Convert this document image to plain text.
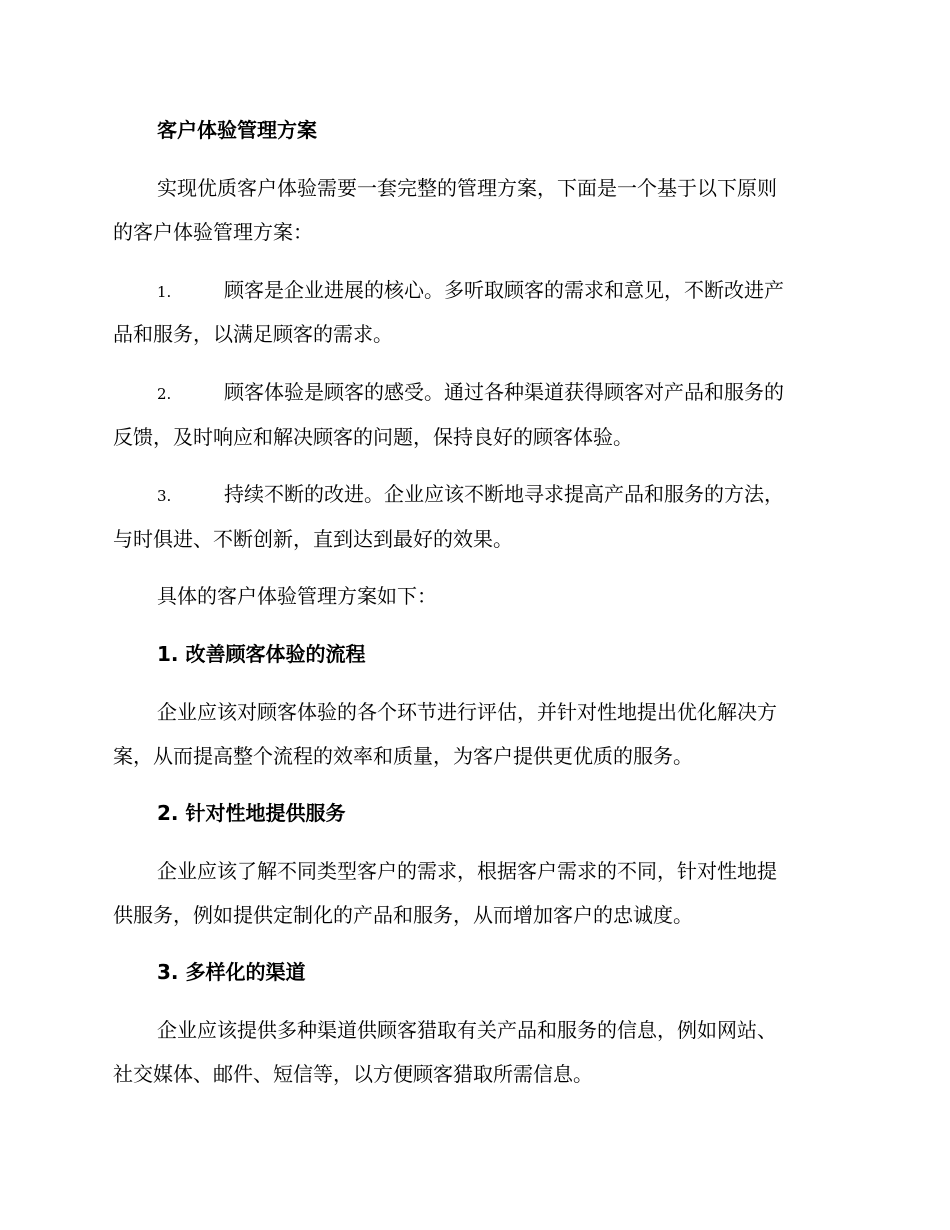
客户体验管理方案

实现优质客户体验需要一套完整的管理方案，下面是一个基于以下原则

的客户体验管理方案：

1.	顾客是企业进展的核心。多听取顾客的需求和意见，不断改进产

品和服务，以满足顾客的需求。

2.	顾客体验是顾客的感受。通过各种渠道获得顾客对产品和服务的

反馈，及时响应和解决顾客的问题，保持良好的顾客体验。

3.	持续不断的改进。企业应该不断地寻求提高产品和服务的方法，

与时俱进、不断创新，直到达到最好的效果。

具体的客户体验管理方案如下：

1. 改善顾客体验的流程

企业应该对顾客体验的各个环节进行评估，并针对性地提出优化解决方

案，从而提高整个流程的效率和质量，为客户提供更优质的服务。

2. 针对性地提供服务

企业应该了解不同类型客户的需求，根据客户需求的不同，针对性地提

供服务，例如提供定制化的产品和服务，从而增加客户的忠诚度。

3. 多样化的渠道

企业应该提供多种渠道供顾客猎取有关产品和服务的信息，例如网站、

社交媒体、邮件、短信等，以方便顾客猎取所需信息。
